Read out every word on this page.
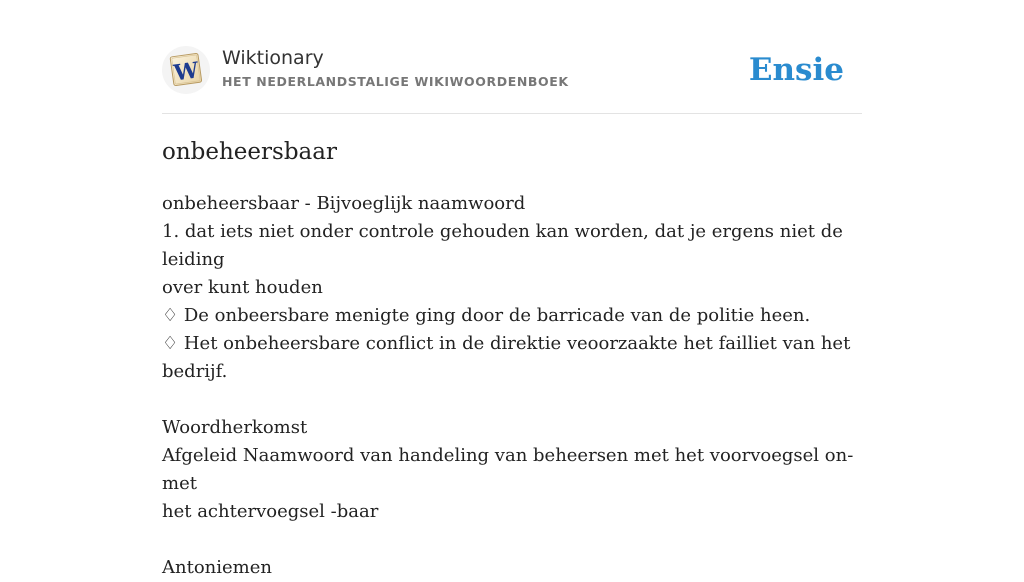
W Wiktionary
HET NEDERLANDSTALIGE WIKIWOORDENBOEK	Ensie
onbeheersbaar

onbeheersbaar - Bijvoeglijk naamwoord

1. dat iets niet onder controle gehouden kan worden, dat je ergens niet de leiding

over kunt houden

♢ De onbeersbare menigte ging door de barricade van de politie heen.

♢ Het onbeheersbare conflict in de direktie veoorzaakte het failliet van het

bedrijf.

Woordherkomst

Afgeleid Naamwoord van handeling van beheersen met het voorvoegsel on- met

het achtervoegsel -baar

Antoniemen
